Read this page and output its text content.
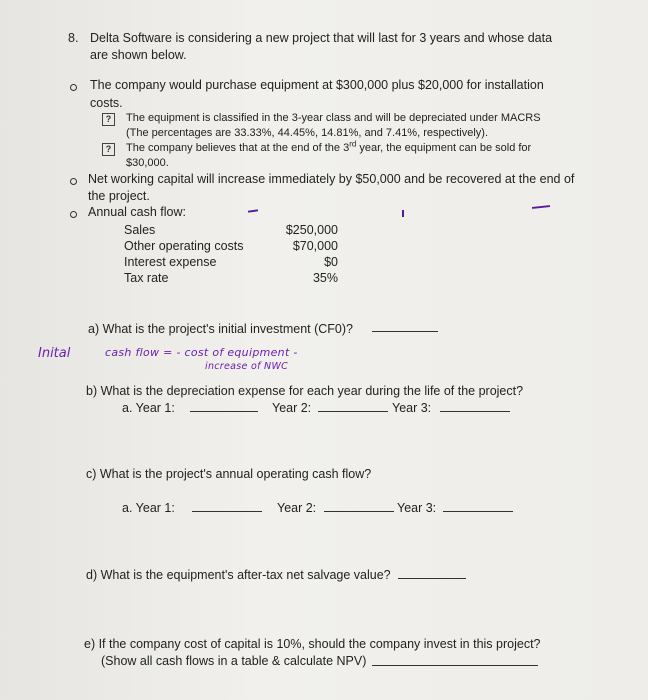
8. Delta Software is considering a new project that will last for 3 years and whose data
are shown below.
The company would purchase equipment at $300,000 plus $20,000 for installation
costs.
?	The equipment is classified in the 3-year class and will be depreciated under MACRS
(The percentages are 33.33%, 44.45%, 14.81%, and 7.41%, respectively).
?	The company believes that at the end of the 3rd year, the equipment can be sold for
$30,000.
Net working capital will increase immediately by $50,000 and be recovered at the end of
the project.
Annual cash flow:
Sales	$250,000
Other operating costs	$70,000
Interest expense	$0
Tax rate	35%
a) What is the project's initial investment (CF0)?
Inital	cash flow = - cost of equipment -
increase of NWC
b) What is the depreciation expense for each year during the life of the project?
a. Year 1:	Year 2:	Year 3:
c) What is the project's annual operating cash flow?
a. Year 1:	Year 2:	Year 3:
d) What is the equipment's after-tax net salvage value?
e) If the company cost of capital is 10%, should the company invest in this project?
(Show all cash flows in a table & calculate NPV)
